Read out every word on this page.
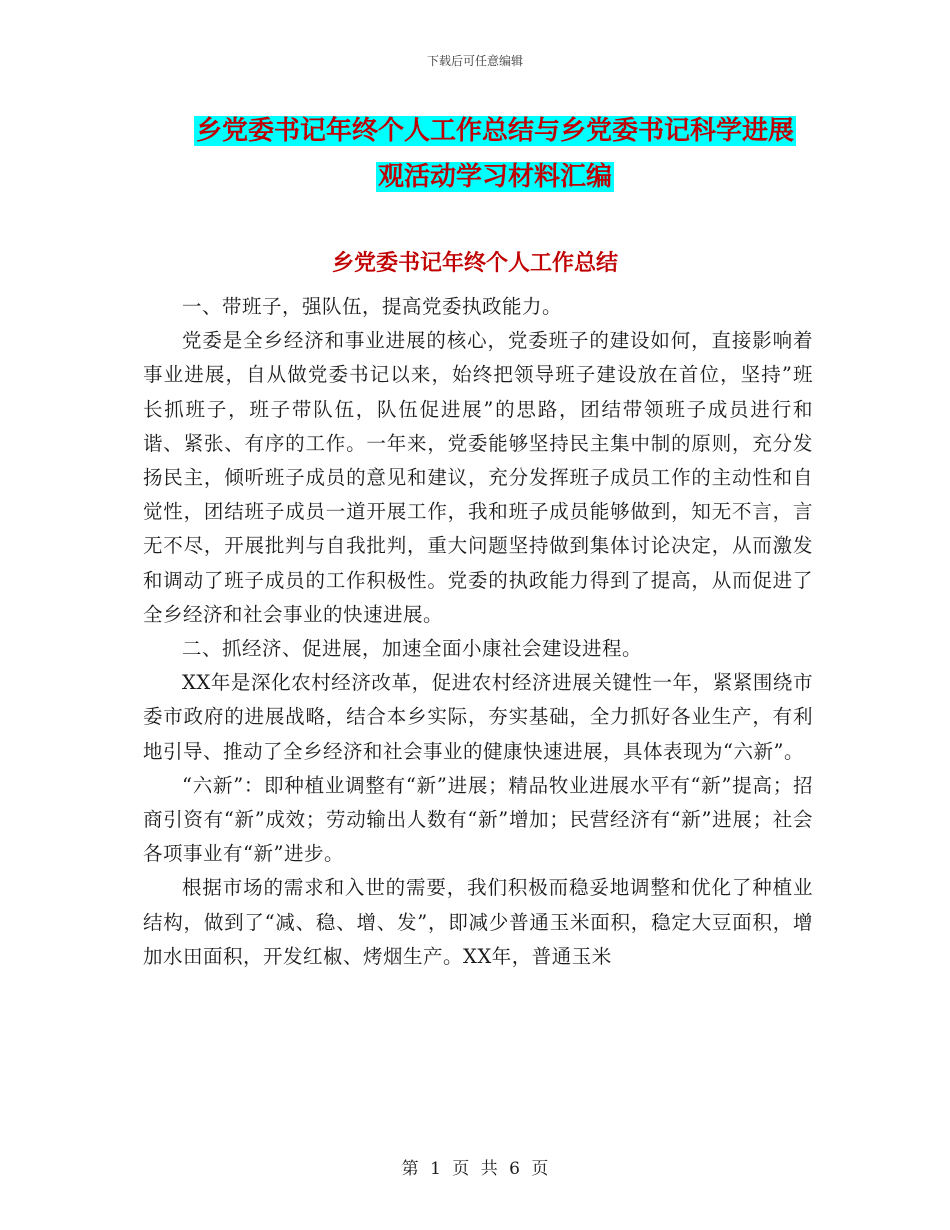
下载后可任意编辑
乡党委书记年终个人工作总结与乡党委书记科学进展
观活动学习材料汇编
乡党委书记年终个人工作总结

一、带班子，强队伍，提高党委执政能力。

党委是全乡经济和事业进展的核心，党委班子的建设如何，直接影响着事业进展，自从做党委书记以来，始终把领导班子建设放在首位，坚持”班长抓班子，班子带队伍，队伍促进展”的思路，团结带领班子成员进行和谐、紧张、有序的工作。一年来，党委能够坚持民主集中制的原则，充分发扬民主，倾听班子成员的意见和建议，充分发挥班子成员工作的主动性和自觉性，团结班子成员一道开展工作，我和班子成员能够做到，知无不言，言无不尽，开展批判与自我批判，重大问题坚持做到集体讨论决定，从而激发和调动了班子成员的工作积极性。党委的执政能力得到了提高，从而促进了全乡经济和社会事业的快速进展。

二、抓经济、促进展，加速全面小康社会建设进程。

XX年是深化农村经济改革，促进农村经济进展关键性一年，紧紧围绕市委市政府的进展战略，结合本乡实际，夯实基础，全力抓好各业生产，有利地引导、推动了全乡经济和社会事业的健康快速进展，具体表现为“六新”。

“六新”：即种植业调整有“新”进展；精品牧业进展水平有“新”提高；招商引资有“新”成效；劳动输出人数有“新”增加；民营经济有“新”进展；社会各项事业有“新”进步。

根据市场的需求和入世的需要，我们积极而稳妥地调整和优化了种植业结构，做到了“减、稳、增、发”，即减少普通玉米面积，稳定大豆面积，增加水田面积，开发红椒、烤烟生产。XX年，普通玉米

第 1 页 共 6 页
